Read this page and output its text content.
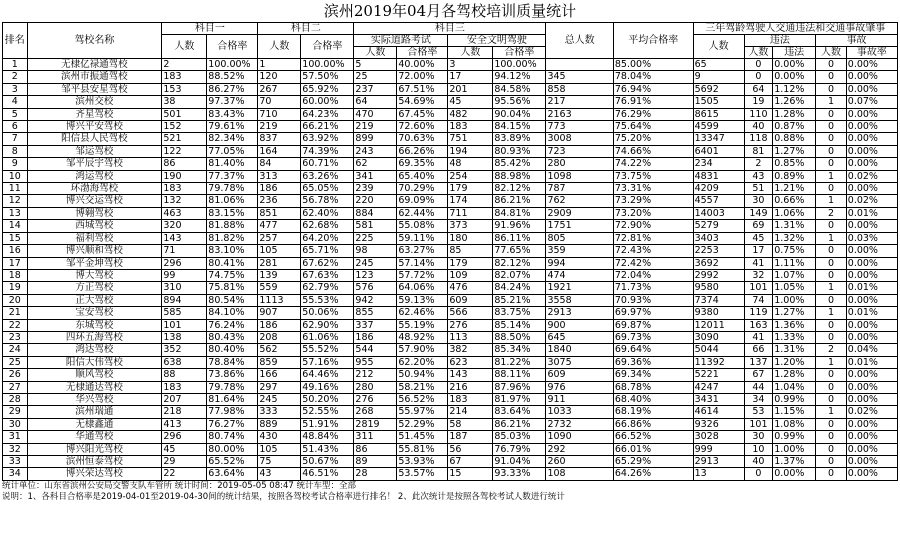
滨州2019年04月各驾校培训质量统计
排名	驾校名称	科目一		科目二		科目三				总人数	平均合格率	三年驾龄驾驶人交通违法和交通事故肇事				
		人数	合格率	人数	合格率	实际道路考试		安全文明驾驶				人数	违法		事故	
						人数	合格率	人数	合格率				人数	违法	人数	事故率
1	无棣亿禄通驾校	2	100.00%	1	100.00%	5	40.00%	3	100.00%		85.00%	65	0	0.00%	0	0.00%
2	滨州市振通驾校	183	88.52%	120	57.50%	25	72.00%	17	94.12%	345	78.04%	9	0	0.00%	0	0.00%
3	邹平县安星驾校	153	86.27%	267	65.92%	237	67.51%	201	84.58%	858	76.94%	5692	64	1.12%	0	0.00%
4	滨州交校	38	97.37%	70	60.00%	64	54.69%	45	95.56%	217	76.91%	1505	19	1.26%	1	0.07%
5	齐星驾校	501	83.43%	710	64.23%	470	67.45%	482	90.04%	2163	76.29%	8615	110	1.28%	0	0.00%
6	博兴平安驾校	152	79.61%	219	66.21%	219	72.60%	183	84.15%	773	75.64%	4599	40	0.87%	0	0.00%
7	阳信县人民驾校	521	82.34%	837	63.92%	899	70.63%	751	83.89%	3008	75.20%	13347	118	0.88%	0	0.00%
8	邹运驾校	122	77.05%	164	74.39%	243	66.26%	194	80.93%	723	74.66%	6401	81	1.27%	0	0.00%
9	邹平辰宇驾校	86	81.40%	84	60.71%	62	69.35%	48	85.42%	280	74.22%	234	2	0.85%	0	0.00%
10	鸿运驾校	190	77.37%	313	63.26%	341	65.40%	254	88.98%	1098	73.75%	4831	43	0.89%	1	0.02%
11	环渤海驾校	183	79.78%	186	65.05%	239	70.29%	179	82.12%	787	73.31%	4209	51	1.21%	0	0.00%
12	博兴交运驾校	132	81.06%	236	56.78%	220	69.09%	174	86.21%	762	73.29%	4557	30	0.66%	1	0.02%
13	博翱驾校	463	83.15%	851	62.40%	884	62.44%	711	84.81%	2909	73.20%	14003	149	1.06%	2	0.01%
14	西城驾校	320	81.88%	477	62.68%	581	55.08%	373	91.96%	1751	72.90%	5279	69	1.31%	0	0.00%
15	福利驾校	143	81.82%	257	64.20%	225	59.11%	180	86.11%	805	72.81%	3403	45	1.32%	1	0.03%
16	博兴顺和驾校	71	83.10%	105	65.71%	98	63.27%	85	77.65%	359	72.43%	2253	17	0.75%	0	0.00%
17	邹平金坤驾校	296	80.41%	281	67.62%	245	57.14%	179	82.12%	994	72.42%	3692	41	1.11%	0	0.00%
18	博大驾校	99	74.75%	139	67.63%	123	57.72%	109	82.07%	474	72.04%	2992	32	1.07%	0	0.00%
19	方正驾校	310	75.81%	559	62.79%	576	64.06%	476	84.24%	1921	71.73%	9580	101	1.05%	1	0.01%
20	正大驾校	894	80.54%	1113	55.53%	942	59.13%	609	85.21%	3558	70.93%	7374	74	1.00%	0	0.00%
21	宝安驾校	585	84.10%	907	50.06%	855	62.46%	566	83.75%	2913	69.97%	9380	119	1.27%	1	0.01%
22	东城驾校	101	76.24%	186	62.90%	337	55.19%	276	85.14%	900	69.87%	12011	163	1.36%	0	0.00%
23	四环五海驾校	138	80.43%	208	61.06%	186	48.92%	113	88.50%	645	69.73%	3090	41	1.33%	0	0.00%
24	鸿达驾校	352	80.40%	562	55.52%	544	57.90%	382	85.34%	1840	69.64%	5044	66	1.31%	2	0.04%
25	阳信大伟驾校	638	78.84%	859	57.16%	955	62.20%	623	81.22%	3075	69.36%	11392	137	1.20%	1	0.01%
26	顺风驾校	88	73.86%	166	64.46%	212	50.94%	143	88.11%	609	69.34%	5221	67	1.28%	0	0.00%
27	无棣通达驾校	183	79.78%	297	49.16%	280	58.21%	216	87.96%	976	68.78%	4247	44	1.04%	0	0.00%
28	华兴驾校	207	81.64%	245	50.20%	276	56.52%	183	81.97%	911	68.40%	3431	34	0.99%	0	0.00%
29	滨州瑞通	218	77.98%	333	52.55%	268	55.97%	214	83.64%	1033	68.19%	4614	53	1.15%	1	0.02%
30	无棣鑫通	413	76.27%	889	51.91%	2819	52.29%	58	86.21%	2732	66.86%	9326	101	1.08%	0	0.00%
31	华通驾校	296	80.74%	430	48.84%	311	51.45%	187	85.03%	1090	66.52%	3028	30	0.99%	0	0.00%
32	博兴阳光驾校	45	80.00%	105	51.43%	86	55.81%	56	76.79%	292	66.01%	999	10	1.00%	0	0.00%
33	滨州恒泰驾校	29	65.52%	75	50.67%	89	53.93%	67	91.04%	260	65.29%	2913	40	1.37%	0	0.00%
34	博兴荣达驾校	22	63.64%	43	46.51%	28	53.57%	15	93.33%	108	64.26%	13	0	0.00%	0	0.00%
统计单位：山东省滨州公安局交警支队车管所 统计时间：2019-05-05 08:47 统计车型：全部
说明：1、各科目合格率是2019-04-01至2019-04-30间的统计结果，按照各驾校考试合格率进行排名！ 2、此次统计是按照各驾校考试人数进行统计
